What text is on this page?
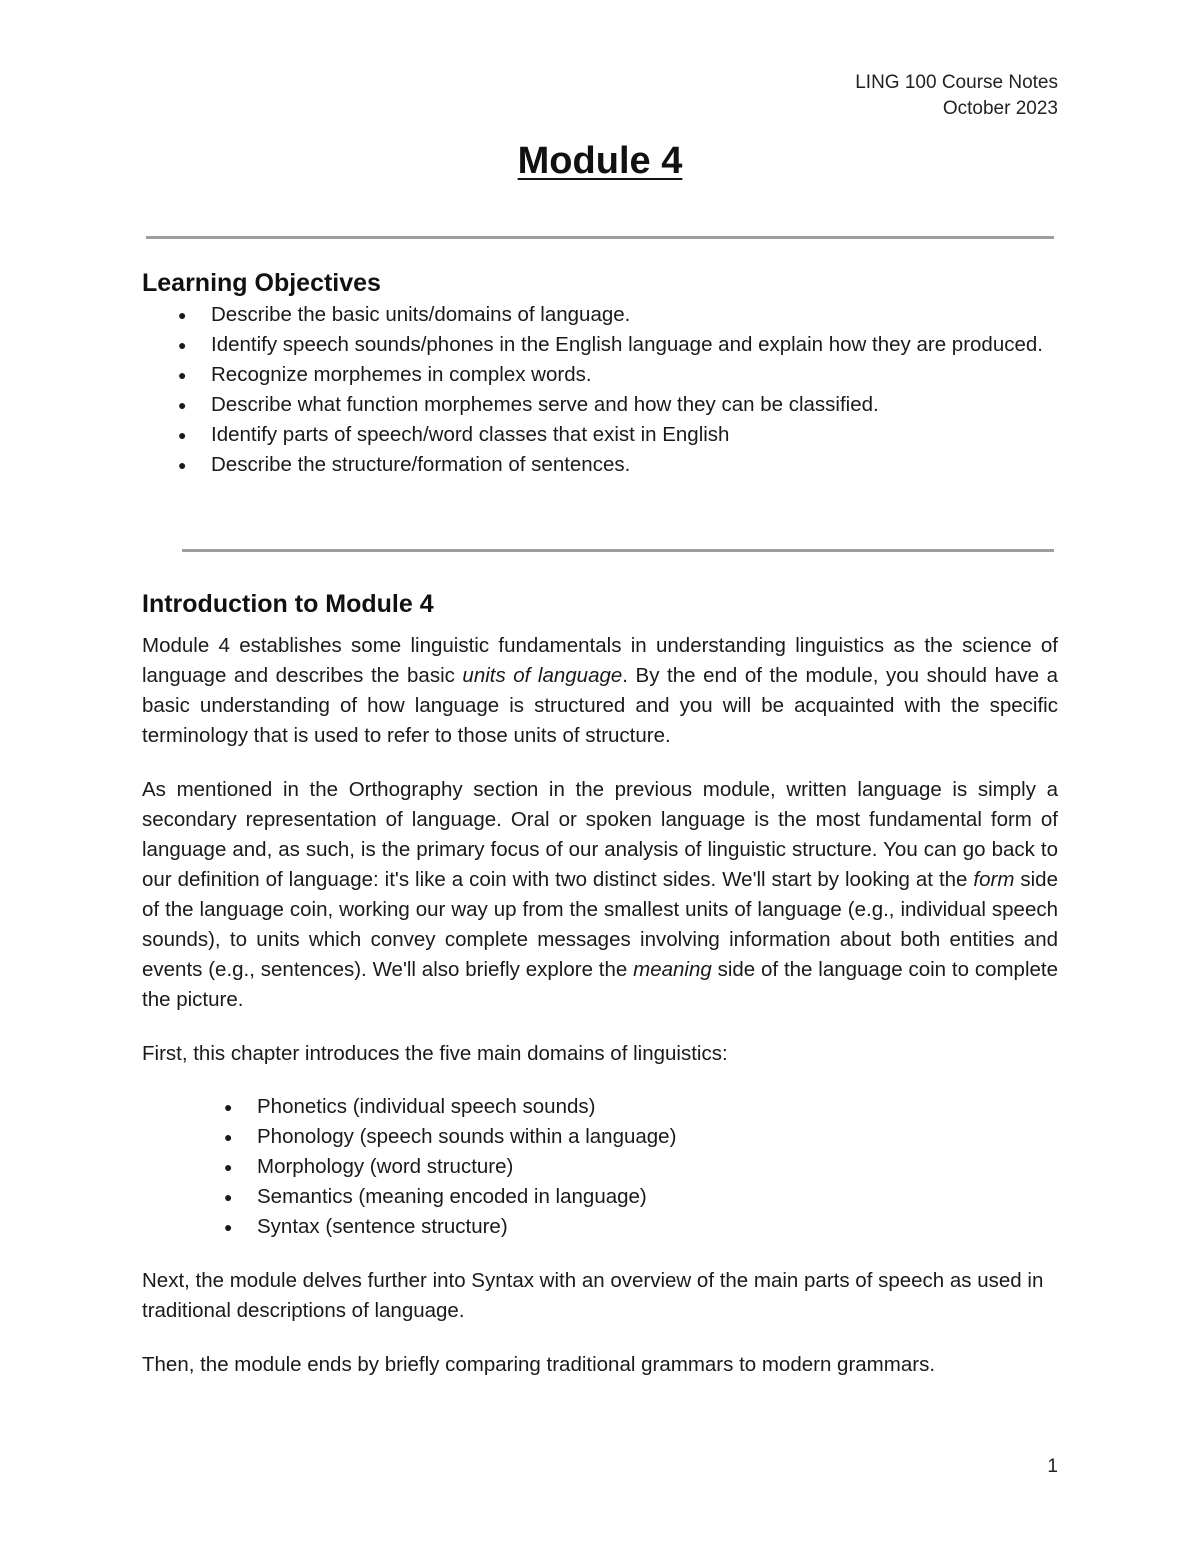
LING 100 Course Notes
October 2023
Module 4
Learning Objectives
● Describe the basic units/domains of language.
● Identify speech sounds/phones in the English language and explain how they are produced.
● Recognize morphemes in complex words.
● Describe what function morphemes serve and how they can be classified.
● Identify parts of speech/word classes that exist in English
● Describe the structure/formation of sentences.
Introduction to Module 4

Module 4 establishes some linguistic fundamentals in understanding linguistics as the science of language and describes the basic units of language. By the end of the module, you should have a basic understanding of how language is structured and you will be acquainted with the specific terminology that is used to refer to those units of structure.

As mentioned in the Orthography section in the previous module, written language is simply a secondary representation of language. Oral or spoken language is the most fundamental form of language and, as such, is the primary focus of our analysis of linguistic structure. You can go back to our definition of language: it's like a coin with two distinct sides. We'll start by looking at the form side of the language coin, working our way up from the smallest units of language (e.g., individual speech sounds), to units which convey complete messages involving information about both entities and events (e.g., sentences). We'll also briefly explore the meaning side of the language coin to complete the picture.

First, this chapter introduces the five main domains of linguistics:

● Phonetics (individual speech sounds)
● Phonology (speech sounds within a language)
● Morphology (word structure)
● Semantics (meaning encoded in language)
● Syntax (sentence structure)

Next, the module delves further into Syntax with an overview of the main parts of speech as used in traditional descriptions of language.

Then, the module ends by briefly comparing traditional grammars to modern grammars.

1
